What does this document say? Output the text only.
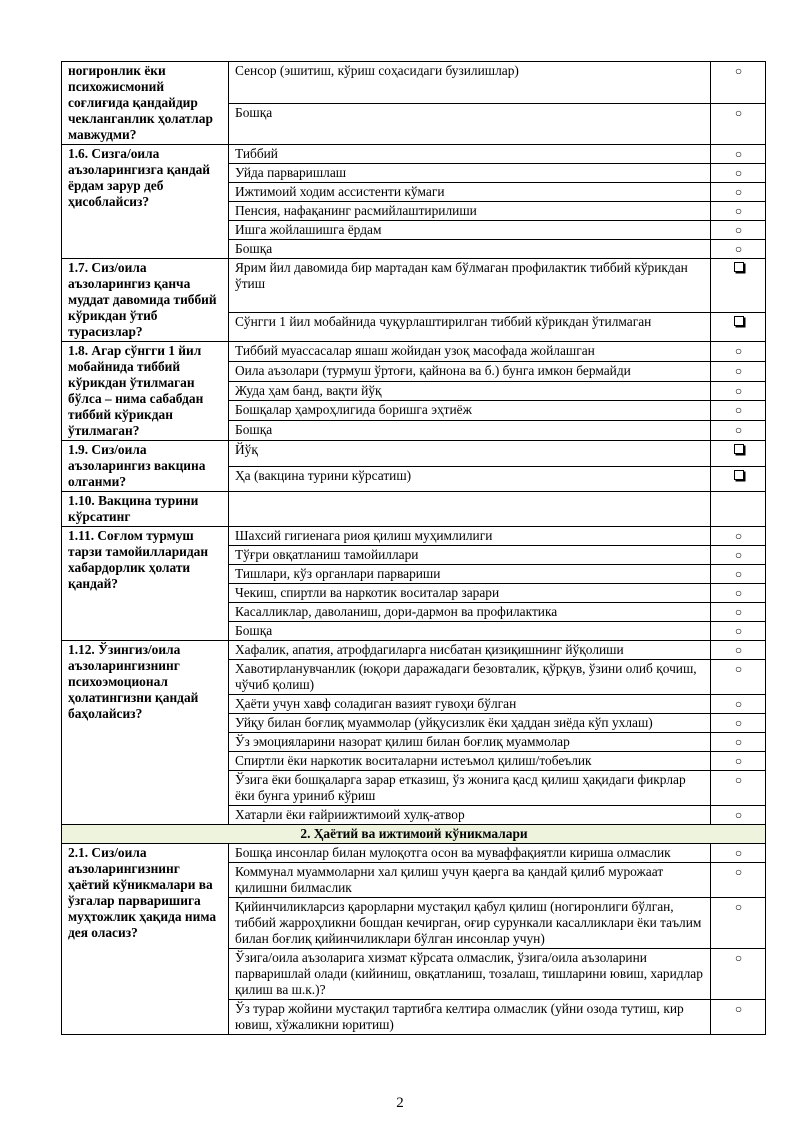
ногиронлик ёки психожисмоний соғлиғида қандайдир чекланганлик ҳолатлар мавжудми?	Сенсор (эшитиш, кўриш соҳасидаги бузилишлар)	○
	Бошқа	○
1.6. Сизга/оила аъзоларингизга қандай ёрдам зарур деб ҳисоблайсиз?	Тиббий	○
	Уйда парваришлаш	○
	Ижтимоий ходим ассистенти кўмаги	○
	Пенсия, нафақанинг расмийлаштирилиши	○
	Ишга жойлашишга ёрдам	○
	Бошқа	○
1.7. Сиз/оила аъзоларингиз қанча муддат давомида тиббий кўрикдан ўтиб турасизлар?	Ярим йил давомида бир мартадан кам бўлмаган профилактик тиббий кўрикдан ўтиш	
	Сўнгги 1 йил мобайнида чуқурлаштирилган тиббий кўрикдан ўтилмаган	
1.8. Агар сўнгги 1 йил мобайнида тиббий кўрикдан ўтилмаган бўлса – нима сабабдан тиббий кўрикдан ўтилмаган?	Тиббий муассасалар яшаш жойидан узоқ масофада жойлашган	○
	Оила аъзолари (турмуш ўртоғи, қайнона ва б.) бунга имкон бермайди	○
	Жуда ҳам банд, вақти йўқ	○
	Бошқалар ҳамроҳлигида боришга эҳтиёж	○
	Бошқа	○
1.9. Сиз/оила аъзоларингиз вакцина олганми?	Йўқ	
	Ҳа (вакцина турини кўрсатиш)	
1.10. Вакцина турини кўрсатинг		
1.11. Соғлом турмуш тарзи тамойилларидан хабардорлик ҳолати қандай?	Шахсий гигиенага риоя қилиш муҳимлилиги	○
	Тўғри овқатланиш тамойиллари	○
	Тишлари, кўз органлари парвариши	○
	Чекиш, спиртли ва наркотик воситалар зарари	○
	Касалликлар, даволаниш, дори-дармон ва профилактика	○
	Бошқа	○
1.12. Ўзингиз/оила аъзоларингизнинг психоэмоционал ҳолатингизни қандай баҳолайсиз?	Хафалик, апатия, атрофдагиларга нисбатан қизиқишнинг йўқолиши	○
	Хавотирланувчанлик (юқори даражадаги безовталик, қўрқув, ўзини олиб қочиш, чўчиб қолиш)	○
	Ҳаёти учун хавф соладиган вазият гувоҳи бўлган	○
	Уйқу билан боғлиқ муаммолар (уйқусизлик ёки ҳаддан зиёда кўп ухлаш)	○
	Ўз эмоцияларини назорат қилиш билан боғлиқ муаммолар	○
	Спиртли ёки наркотик воситаларни истеъмол қилиш/тобеълик	○
	Ўзига ёки бошқаларга зарар етказиш, ўз жонига қасд қилиш ҳақидаги фикрлар ёки бунга уриниб кўриш	○
	Хатарли ёки ғайриижтимоий хулқ-атвор	○
2. Ҳаётий ва ижтимоий кўникмалари		
2.1. Сиз/оила аъзоларингизнинг ҳаётий кўникмалари ва ўзгалар парваришига муҳтожлик ҳақида нима дея оласиз?	Бошқа инсонлар билан мулоқотга осон ва муваффақиятли кириша олмаслик	○
	Коммунал муаммоларни хал қилиш учун қаерга ва қандай қилиб мурожаат қилишни билмаслик	○
	Қийинчиликларсиз қарорларни мустақил қабул қилиш (ногиронлиги бўлган, тиббий жарроҳликни бошдан кечирган, оғир сурункали касалликлари ёки таълим билан боғлиқ қийинчиликлари бўлган инсонлар учун)	○
	Ўзига/оила аъзоларига хизмат кўрсата олмаслик, ўзига/оила аъзоларини парваришлай олади (кийиниш, овқатланиш, тозалаш, тишларини ювиш, харидлар қилиш ва ш.к.)?	○
	Ўз турар жойини мустақил тартибга келтира олмаслик (уйни озода тутиш, кир ювиш, хўжаликни юритиш)	○
2
